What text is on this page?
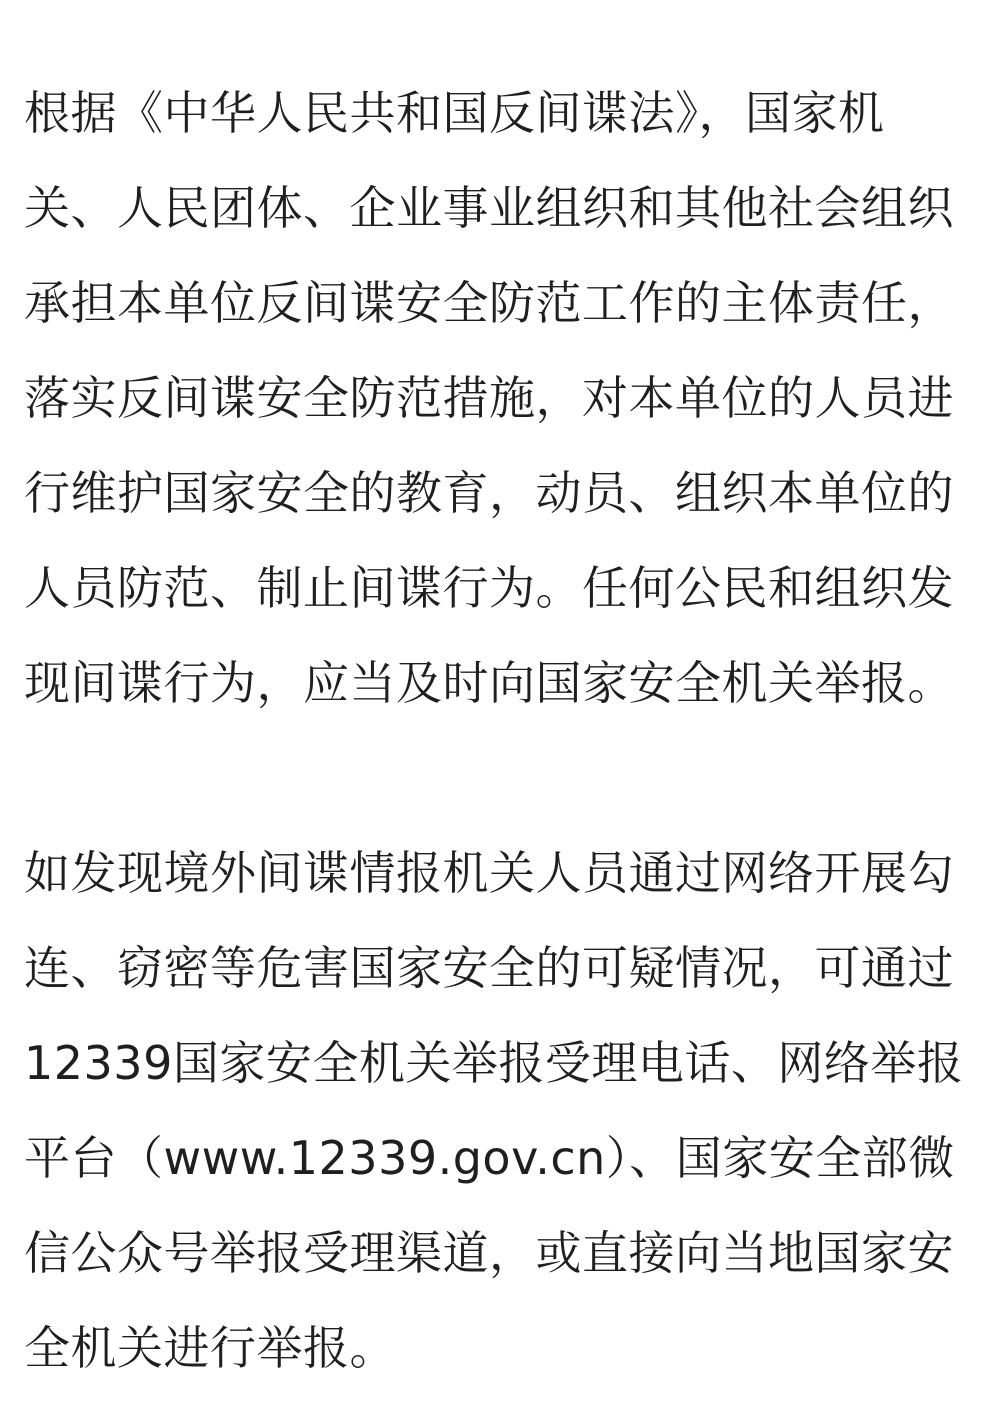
根据《中华人民共和国反间谍法》，国家机
关、人民团体、企业事业组织和其他社会组织
承担本单位反间谍安全防范工作的主体责任，
落实反间谍安全防范措施，对本单位的人员进
行维护国家安全的教育，动员、组织本单位的
人员防范、制止间谍行为。任何公民和组织发
现间谍行为，应当及时向国家安全机关举报。

如发现境外间谍情报机关人员通过网络开展勾
连、窃密等危害国家安全的可疑情况，可通过
12339国家安全机关举报受理电话、网络举报
平台（www.12339.gov.cn）、国家安全部微
信公众号举报受理渠道，或直接向当地国家安
全机关进行举报。
